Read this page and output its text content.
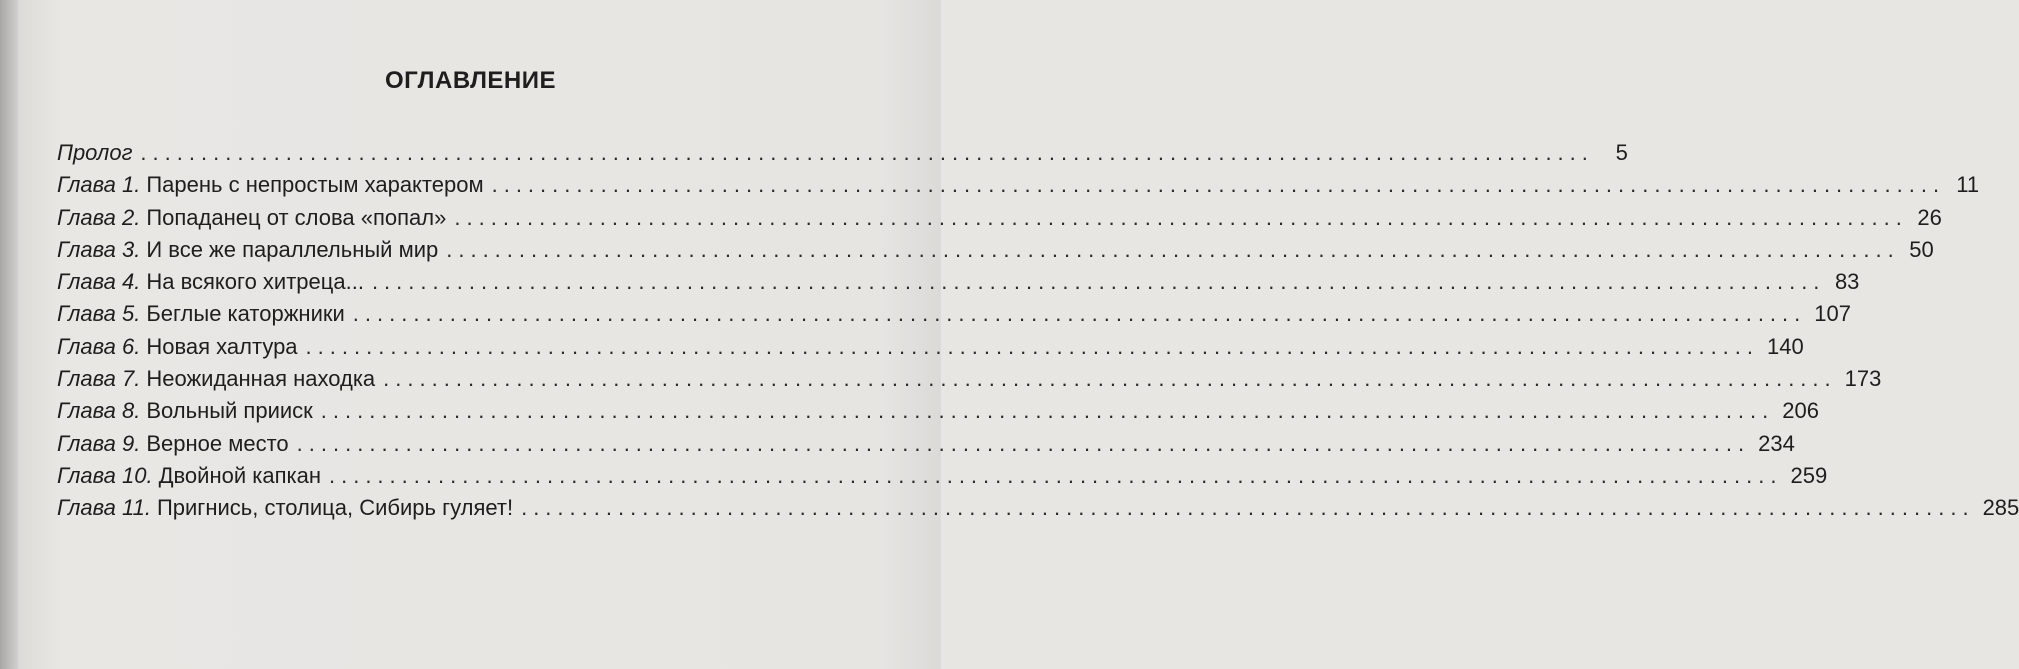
ОГЛАВЛЕНИЕ
Пролог ........................................................................................................................ 5
Глава 1. Парень с непростым характером ........................................................................................................................ 11
Глава 2. Попаданец от слова «попал» ........................................................................................................................ 26
Глава 3. И все же параллельный мир ........................................................................................................................ 50
Глава 4. На всякого хитреца... ........................................................................................................................ 83
Глава 5. Беглые каторжники ........................................................................................................................ 107
Глава 6. Новая халтура ........................................................................................................................ 140
Глава 7. Неожиданная находка ........................................................................................................................ 173
Глава 8. Вольный прииск ........................................................................................................................ 206
Глава 9. Верное место ........................................................................................................................ 234
Глава 10. Двойной капкан ........................................................................................................................ 259
Глава 11. Пригнись, столица, Сибирь гуляет! ........................................................................................................................ 285
